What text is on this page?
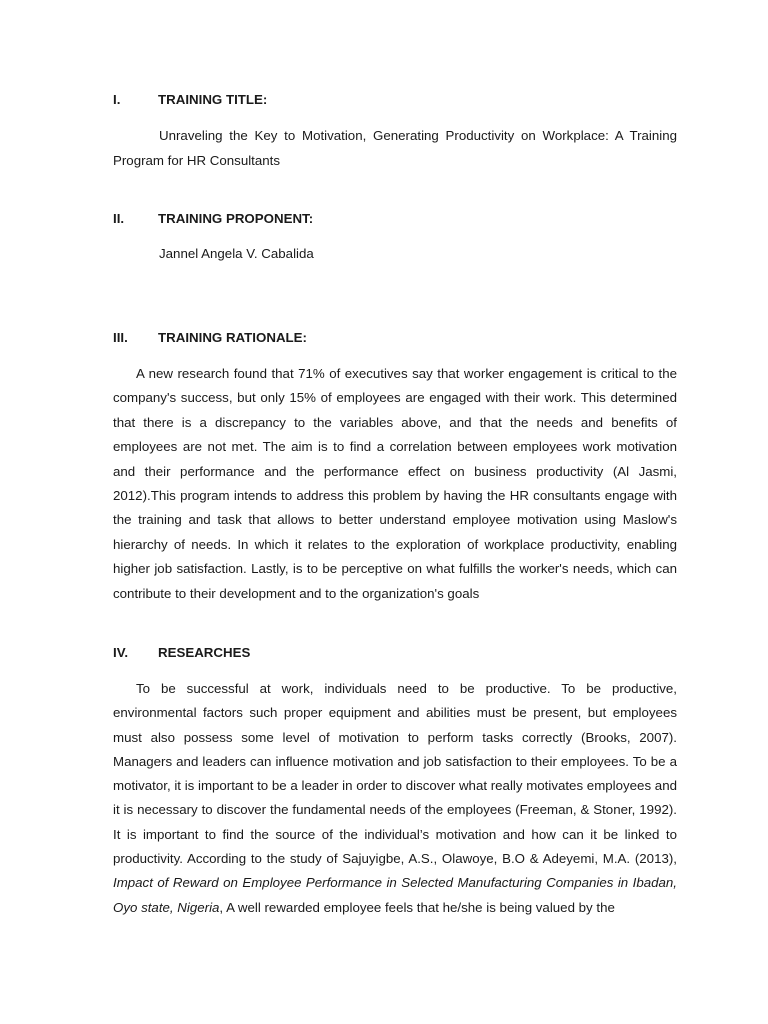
I.	TRAINING TITLE:

Unraveling the Key to Motivation, Generating Productivity on Workplace: A Training Program for HR Consultants

II.	TRAINING PROPONENT:
Jannel Angela V. Cabalida
III. TRAINING RATIONALE:

A new research found that 71% of executives say that worker engagement is critical to the company's success, but only 15% of employees are engaged with their work. This determined that there is a discrepancy to the variables above, and that the needs and benefits of employees are not met. The aim is to find a correlation between employees work motivation and their performance and the performance effect on business productivity (Al Jasmi, 2012).This program intends to address this problem by having the HR consultants engage with the training and task that allows to better understand employee motivation using Maslow's hierarchy of needs. In which it relates to the exploration of workplace productivity, enabling higher job satisfaction. Lastly, is to be perceptive on what fulfills the worker's needs, which can contribute to their development and to the organization's goals

IV. RESEARCHES

To be successful at work, individuals need to be productive. To be productive, environmental factors such proper equipment and abilities must be present, but employees must also possess some level of motivation to perform tasks correctly (Brooks, 2007). Managers and leaders can influence motivation and job satisfaction to their employees. To be a motivator, it is important to be a leader in order to discover what really motivates employees and it is necessary to discover the fundamental needs of the employees (Freeman, & Stoner, 1992). It is important to find the source of the individual’s motivation and how can it be linked to productivity. According to the study of Sajuyigbe, A.S., Olawoye, B.O & Adeyemi, M.A. (2013), Impact of Reward on Employee Performance in Selected Manufacturing Companies in Ibadan, Oyo state, Nigeria, A well rewarded employee feels that he/she is being valued by the
